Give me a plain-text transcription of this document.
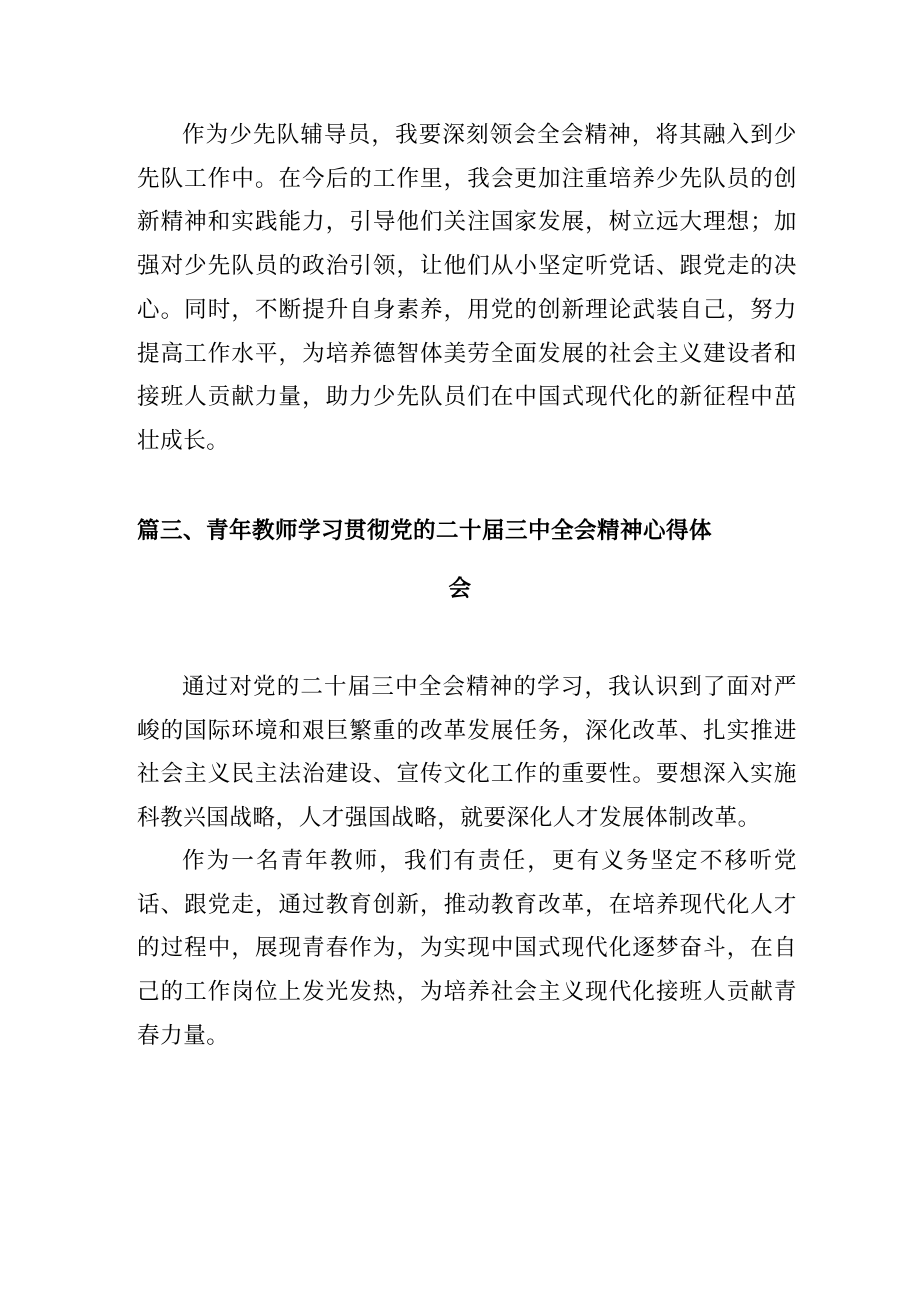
作为少先队辅导员，我要深刻领会全会精神，将其融入到少先队工作中。在今后的工作里，我会更加注重培养少先队员的创新精神和实践能力，引导他们关注国家发展，树立远大理想；加强对少先队员的政治引领，让他们从小坚定听党话、跟党走的决心。同时，不断提升自身素养，用党的创新理论武装自己，努力提高工作水平，为培养德智体美劳全面发展的社会主义建设者和接班人贡献力量，助力少先队员们在中国式现代化的新征程中茁壮成长。

篇三、青年教师学习贯彻党的二十届三中全会精神心得体
会

通过对党的二十届三中全会精神的学习，我认识到了面对严峻的国际环境和艰巨繁重的改革发展任务，深化改革、扎实推进社会主义民主法治建设、宣传文化工作的重要性。要想深入实施科教兴国战略，人才强国战略，就要深化人才发展体制改革。

作为一名青年教师，我们有责任，更有义务坚定不移听党话、跟党走，通过教育创新，推动教育改革，在培养现代化人才的过程中，展现青春作为，为实现中国式现代化逐梦奋斗，在自己的工作岗位上发光发热，为培养社会主义现代化接班人贡献青春力量。
